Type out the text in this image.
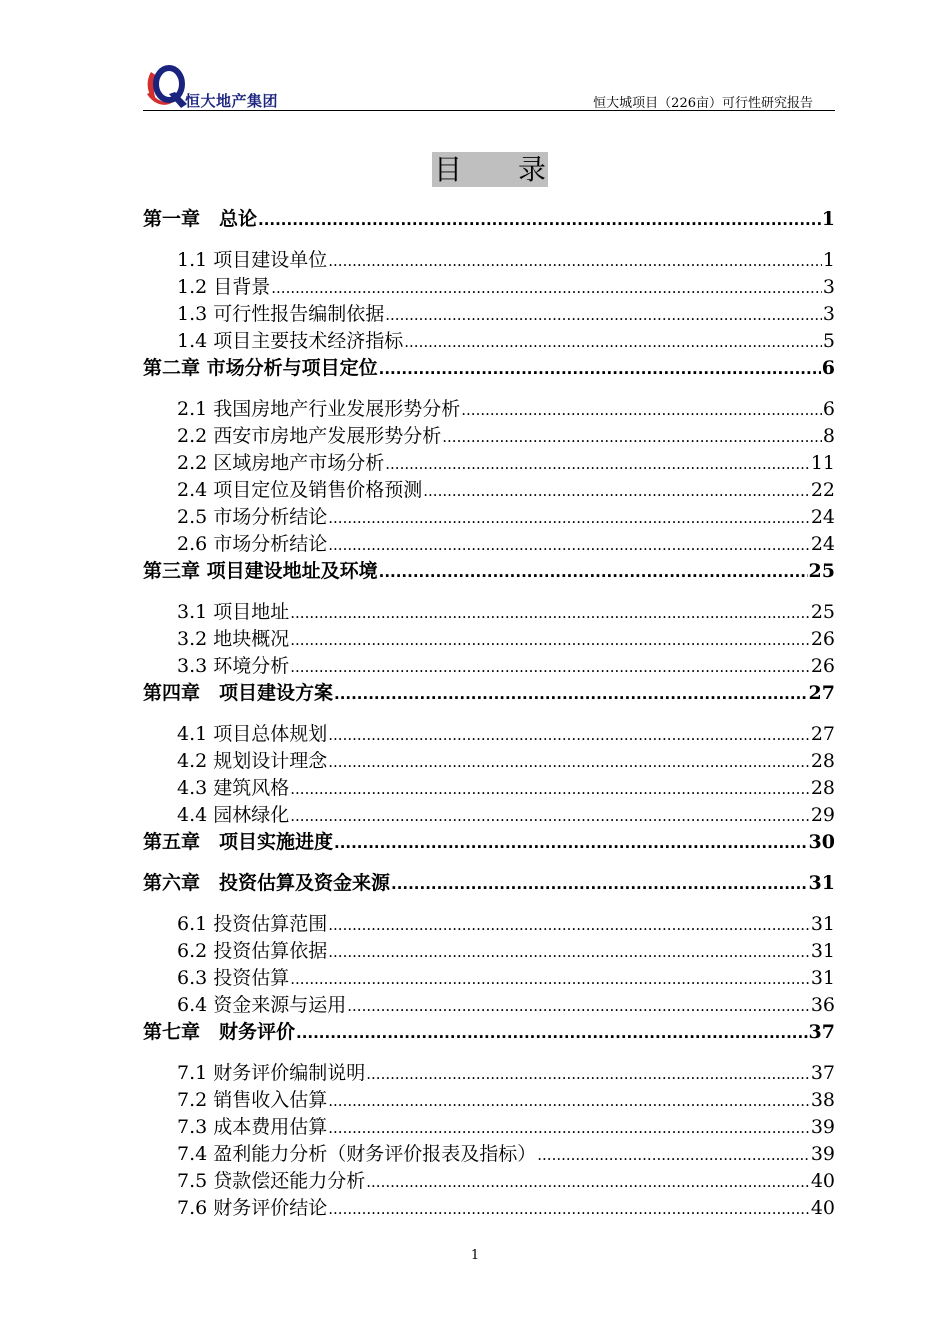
恒大地产集团	恒大城项目（226亩）可行性研究报告
目 录
第一章　总论 .....	1
1.1 项目建设单位 .....	1
1.2 目背景 .....	3
1.3 可行性报告编制依据 .....	3
1.4 项目主要技术经济指标 .....	5
第二章 市场分析与项目定位 .....	6
2.1 我国房地产行业发展形势分析 .....	6
2.2 西安市房地产发展形势分析 .....	8
2.2 区域房地产市场分析 .....	11
2.4 项目定位及销售价格预测 .....	22
2.5 市场分析结论 .....	24
2.6 市场分析结论 .....	24
第三章 项目建设地址及环境 .....	25
3.1 项目地址 .....	25
3.2 地块概况 .....	26
3.3 环境分析 .....	26
第四章　项目建设方案 .....	27
4.1 项目总体规划 .....	27
4.2 规划设计理念 .....	28
4.3 建筑风格 .....	28
4.4 园林绿化 .....	29
第五章　项目实施进度 .....	30
第六章　投资估算及资金来源 .....	31
6.1 投资估算范围 .....	31
6.2 投资估算依据 .....	31
6.3 投资估算 .....	31
6.4 资金来源与运用 .....	36
第七章　财务评价 .....	37
7.1 财务评价编制说明 .....	37
7.2 销售收入估算 .....	38
7.3 成本费用估算 .....	39
7.4 盈利能力分析（财务评价报表及指标） .....	39
7.5 贷款偿还能力分析 .....	40
7.6 财务评价结论 .....	40
1
